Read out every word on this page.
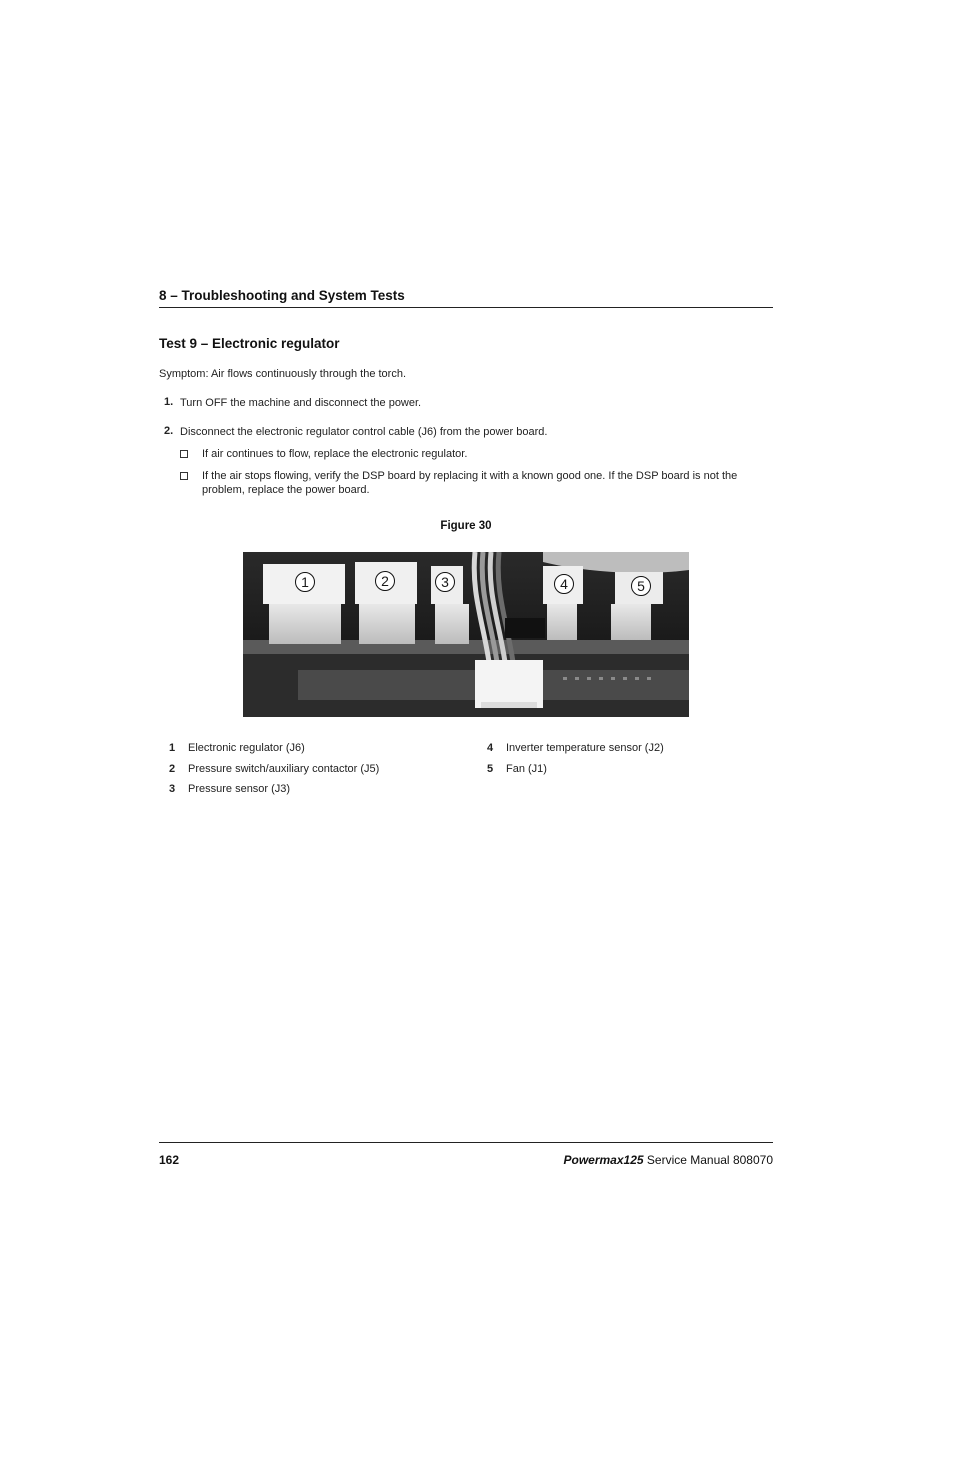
8 – Troubleshooting and System Tests
Test 9 – Electronic regulator
Symptom: Air flows continuously through the torch.
1. Turn OFF the machine and disconnect the power.
2. Disconnect the electronic regulator control cable (J6) from the power board.
If air continues to flow, replace the electronic regulator.
If the air stops flowing, verify the DSP board by replacing it with a known good one. If the DSP board is not the
problem, replace the power board.
Figure 30
1	2	3	4	5
1 Electronic regulator (J6)
2 Pressure switch/auxiliary contactor (J5)
3 Pressure sensor (J3)
4 Inverter temperature sensor (J2)
5 Fan (J1)
162	Powermax125 Service Manual 808070
